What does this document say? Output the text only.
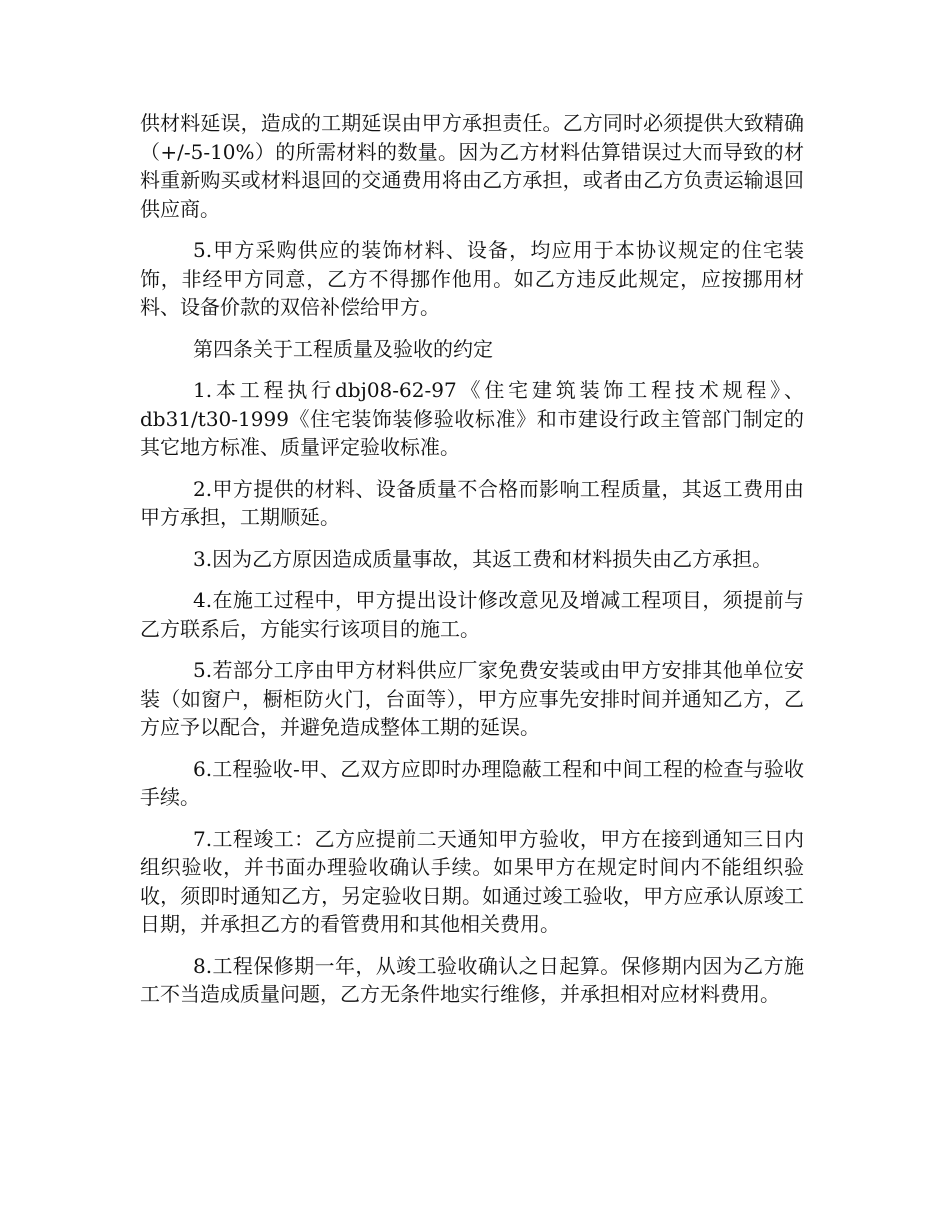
供材料延误，造成的工期延误由甲方承担责任。乙方同时必须提供大致精确（+/-5-10%）的所需材料的数量。因为乙方材料估算错误过大而导致的材料重新购买或材料退回的交通费用将由乙方承担，或者由乙方负责运输退回供应商。

5.甲方采购供应的装饰材料、设备，均应用于本协议规定的住宅装饰，非经甲方同意，乙方不得挪作他用。如乙方违反此规定，应按挪用材料、设备价款的双倍补偿给甲方。

第四条关于工程质量及验收的约定

1.本工程执行dbj08-62-97《住宅建筑装饰工程技术规程》、db31/t30-1999《住宅装饰装修验收标准》和市建设行政主管部门制定的其它地方标准、质量评定验收标准。

2.甲方提供的材料、设备质量不合格而影响工程质量，其返工费用由甲方承担，工期顺延。

3.因为乙方原因造成质量事故，其返工费和材料损失由乙方承担。

4.在施工过程中，甲方提出设计修改意见及增减工程项目，须提前与乙方联系后，方能实行该项目的施工。

5.若部分工序由甲方材料供应厂家免费安装或由甲方安排其他单位安装（如窗户，橱柜防火门，台面等），甲方应事先安排时间并通知乙方，乙方应予以配合，并避免造成整体工期的延误。

6.工程验收-甲、乙双方应即时办理隐蔽工程和中间工程的检查与验收手续。

7.工程竣工：乙方应提前二天通知甲方验收，甲方在接到通知三日内组织验收，并书面办理验收确认手续。如果甲方在规定时间内不能组织验收，须即时通知乙方，另定验收日期。如通过竣工验收，甲方应承认原竣工日期，并承担乙方的看管费用和其他相关费用。

8.工程保修期一年，从竣工验收确认之日起算。保修期内因为乙方施工不当造成质量问题，乙方无条件地实行维修，并承担相对应材料费用。
